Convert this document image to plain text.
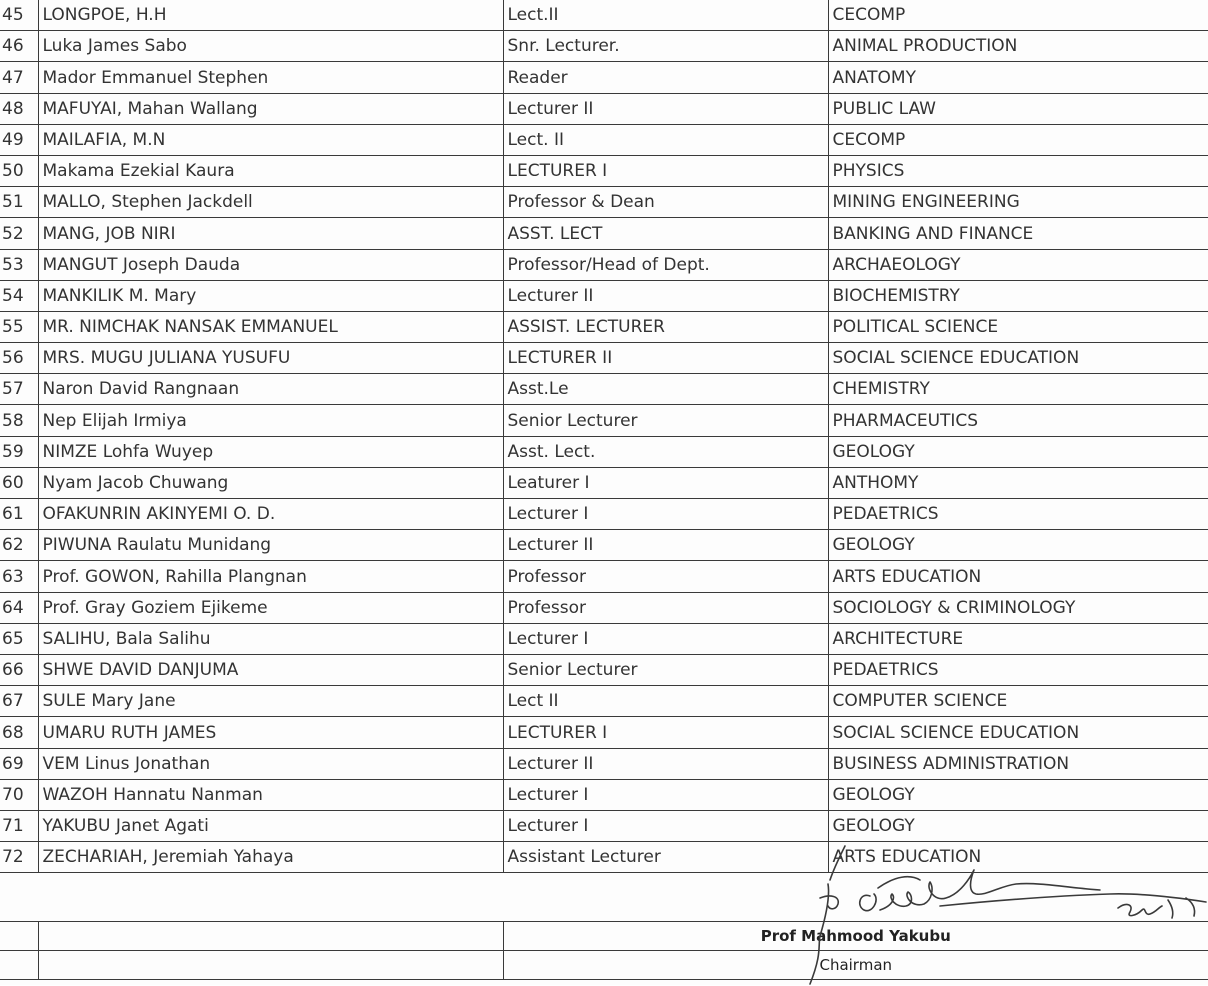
45	LONGPOE, H.H	Lect.II	CECOMP
46	Luka James Sabo	Snr. Lecturer.	ANIMAL PRODUCTION
47	Mador Emmanuel Stephen	Reader	ANATOMY
48	MAFUYAI, Mahan Wallang	Lecturer II	PUBLIC LAW
49	MAILAFIA, M.N	Lect. II	CECOMP
50	Makama Ezekial Kaura	LECTURER I	PHYSICS
51	MALLO, Stephen Jackdell	Professor & Dean	MINING ENGINEERING
52	MANG, JOB NIRI	ASST. LECT	BANKING AND FINANCE
53	MANGUT Joseph Dauda	Professor/Head of Dept.	ARCHAEOLOGY
54	MANKILIK M. Mary	Lecturer II	BIOCHEMISTRY
55	MR. NIMCHAK NANSAK EMMANUEL	ASSIST. LECTURER	POLITICAL SCIENCE
56	MRS. MUGU JULIANA YUSUFU	LECTURER II	SOCIAL SCIENCE EDUCATION
57	Naron David Rangnaan	Asst.Le	CHEMISTRY
58	Nep Elijah Irmiya	Senior Lecturer	PHARMACEUTICS
59	NIMZE Lohfa Wuyep	Asst. Lect.	GEOLOGY
60	Nyam Jacob Chuwang	Leaturer I	ANTHOMY
61	OFAKUNRIN AKINYEMI O. D.	Lecturer I	PEDAETRICS
62	PIWUNA Raulatu Munidang	Lecturer II	GEOLOGY
63	Prof. GOWON, Rahilla Plangnan	Professor	ARTS EDUCATION
64	Prof. Gray Goziem Ejikeme	Professor	SOCIOLOGY & CRIMINOLOGY
65	SALIHU, Bala Salihu	Lecturer I	ARCHITECTURE
66	SHWE DAVID DANJUMA	Senior Lecturer	PEDAETRICS
67	SULE Mary Jane	Lect II	COMPUTER SCIENCE
68	UMARU RUTH JAMES	LECTURER I	SOCIAL SCIENCE EDUCATION
69	VEM Linus Jonathan	Lecturer II	BUSINESS ADMINISTRATION
70	WAZOH Hannatu Nanman	Lecturer I	GEOLOGY
71	YAKUBU Janet Agati	Lecturer I	GEOLOGY
72	ZECHARIAH, Jeremiah Yahaya	Assistant Lecturer	ARTS EDUCATION
		Prof Mahmood Yakubu
		Chairman
